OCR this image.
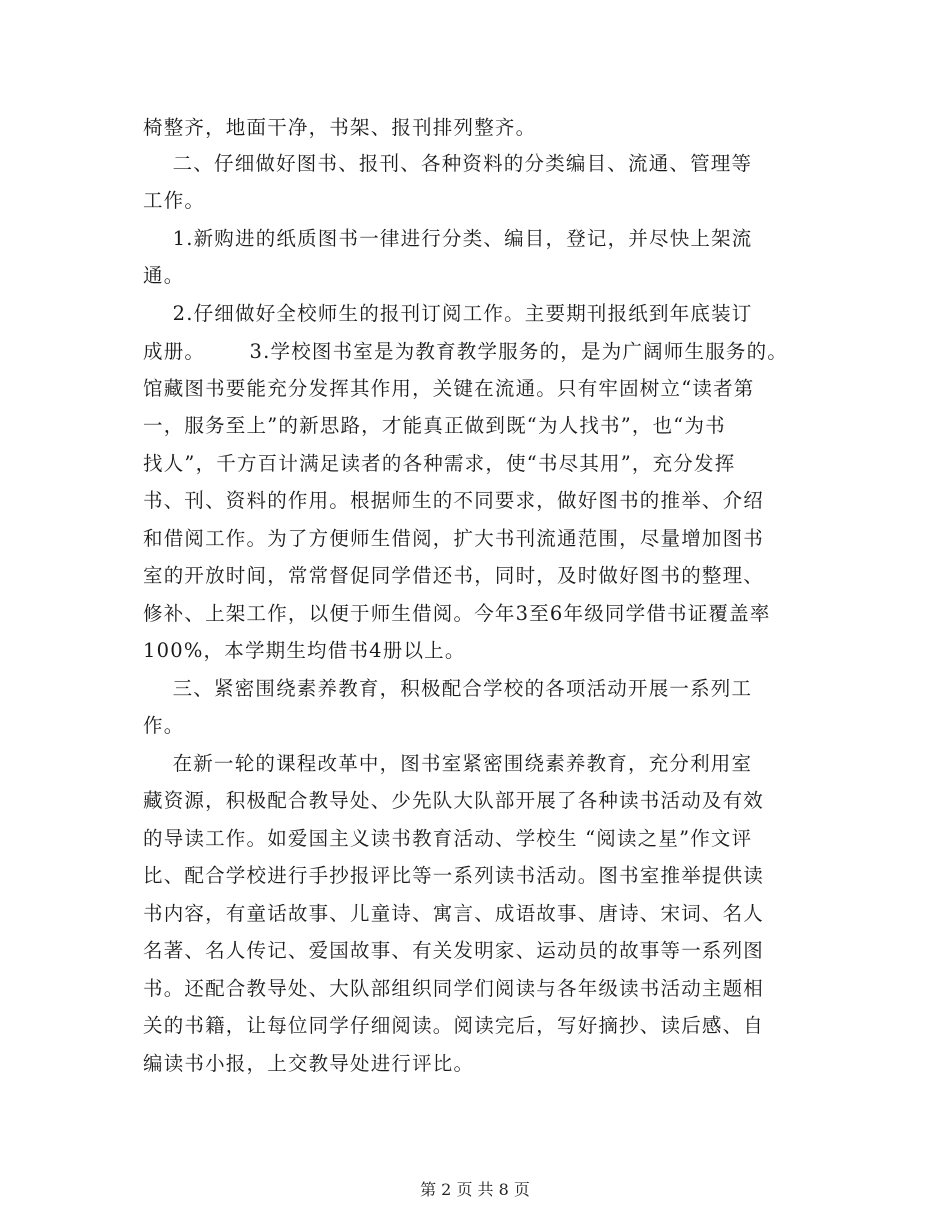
椅整齐，地面干净，书架、报刊排列整齐。
二、仔细做好图书、报刊、各种资料的分类编目、流通、管理等
工作。
1.新购进的纸质图书一律进行分类、编目，登记，并尽快上架流
通。
2.仔细做好全校师生的报刊订阅工作。主要期刊报纸到年底装订
成册。      3.学校图书室是为教育教学服务的，是为广阔师生服务的。
馆藏图书要能充分发挥其作用，关键在流通。只有牢固树立“读者第
一，服务至上”的新思路，才能真正做到既“为人找书”，也“为书
找人”，千方百计满足读者的各种需求，使“书尽其用”，充分发挥
书、刊、资料的作用。根据师生的不同要求，做好图书的推举、介绍
和借阅工作。为了方便师生借阅，扩大书刊流通范围，尽量增加图书
室的开放时间，常常督促同学借还书，同时，及时做好图书的整理、
修补、上架工作，以便于师生借阅。今年3至6年级同学借书证覆盖率
100%，本学期生均借书4册以上。
三、紧密围绕素养教育，积极配合学校的各项活动开展一系列工
作。
在新一轮的课程改革中，图书室紧密围绕素养教育，充分利用室
藏资源，积极配合教导处、少先队大队部开展了各种读书活动及有效
的导读工作。如爱国主义读书教育活动、学校生 “阅读之星”作文评
比、配合学校进行手抄报评比等一系列读书活动。图书室推举提供读
书内容，有童话故事、儿童诗、寓言、成语故事、唐诗、宋词、名人
名著、名人传记、爱国故事、有关发明家、运动员的故事等一系列图
书。还配合教导处、大队部组织同学们阅读与各年级读书活动主题相
关的书籍，让每位同学仔细阅读。阅读完后，写好摘抄、读后感、自
编读书小报，上交教导处进行评比。
第 2 页 共 8 页
